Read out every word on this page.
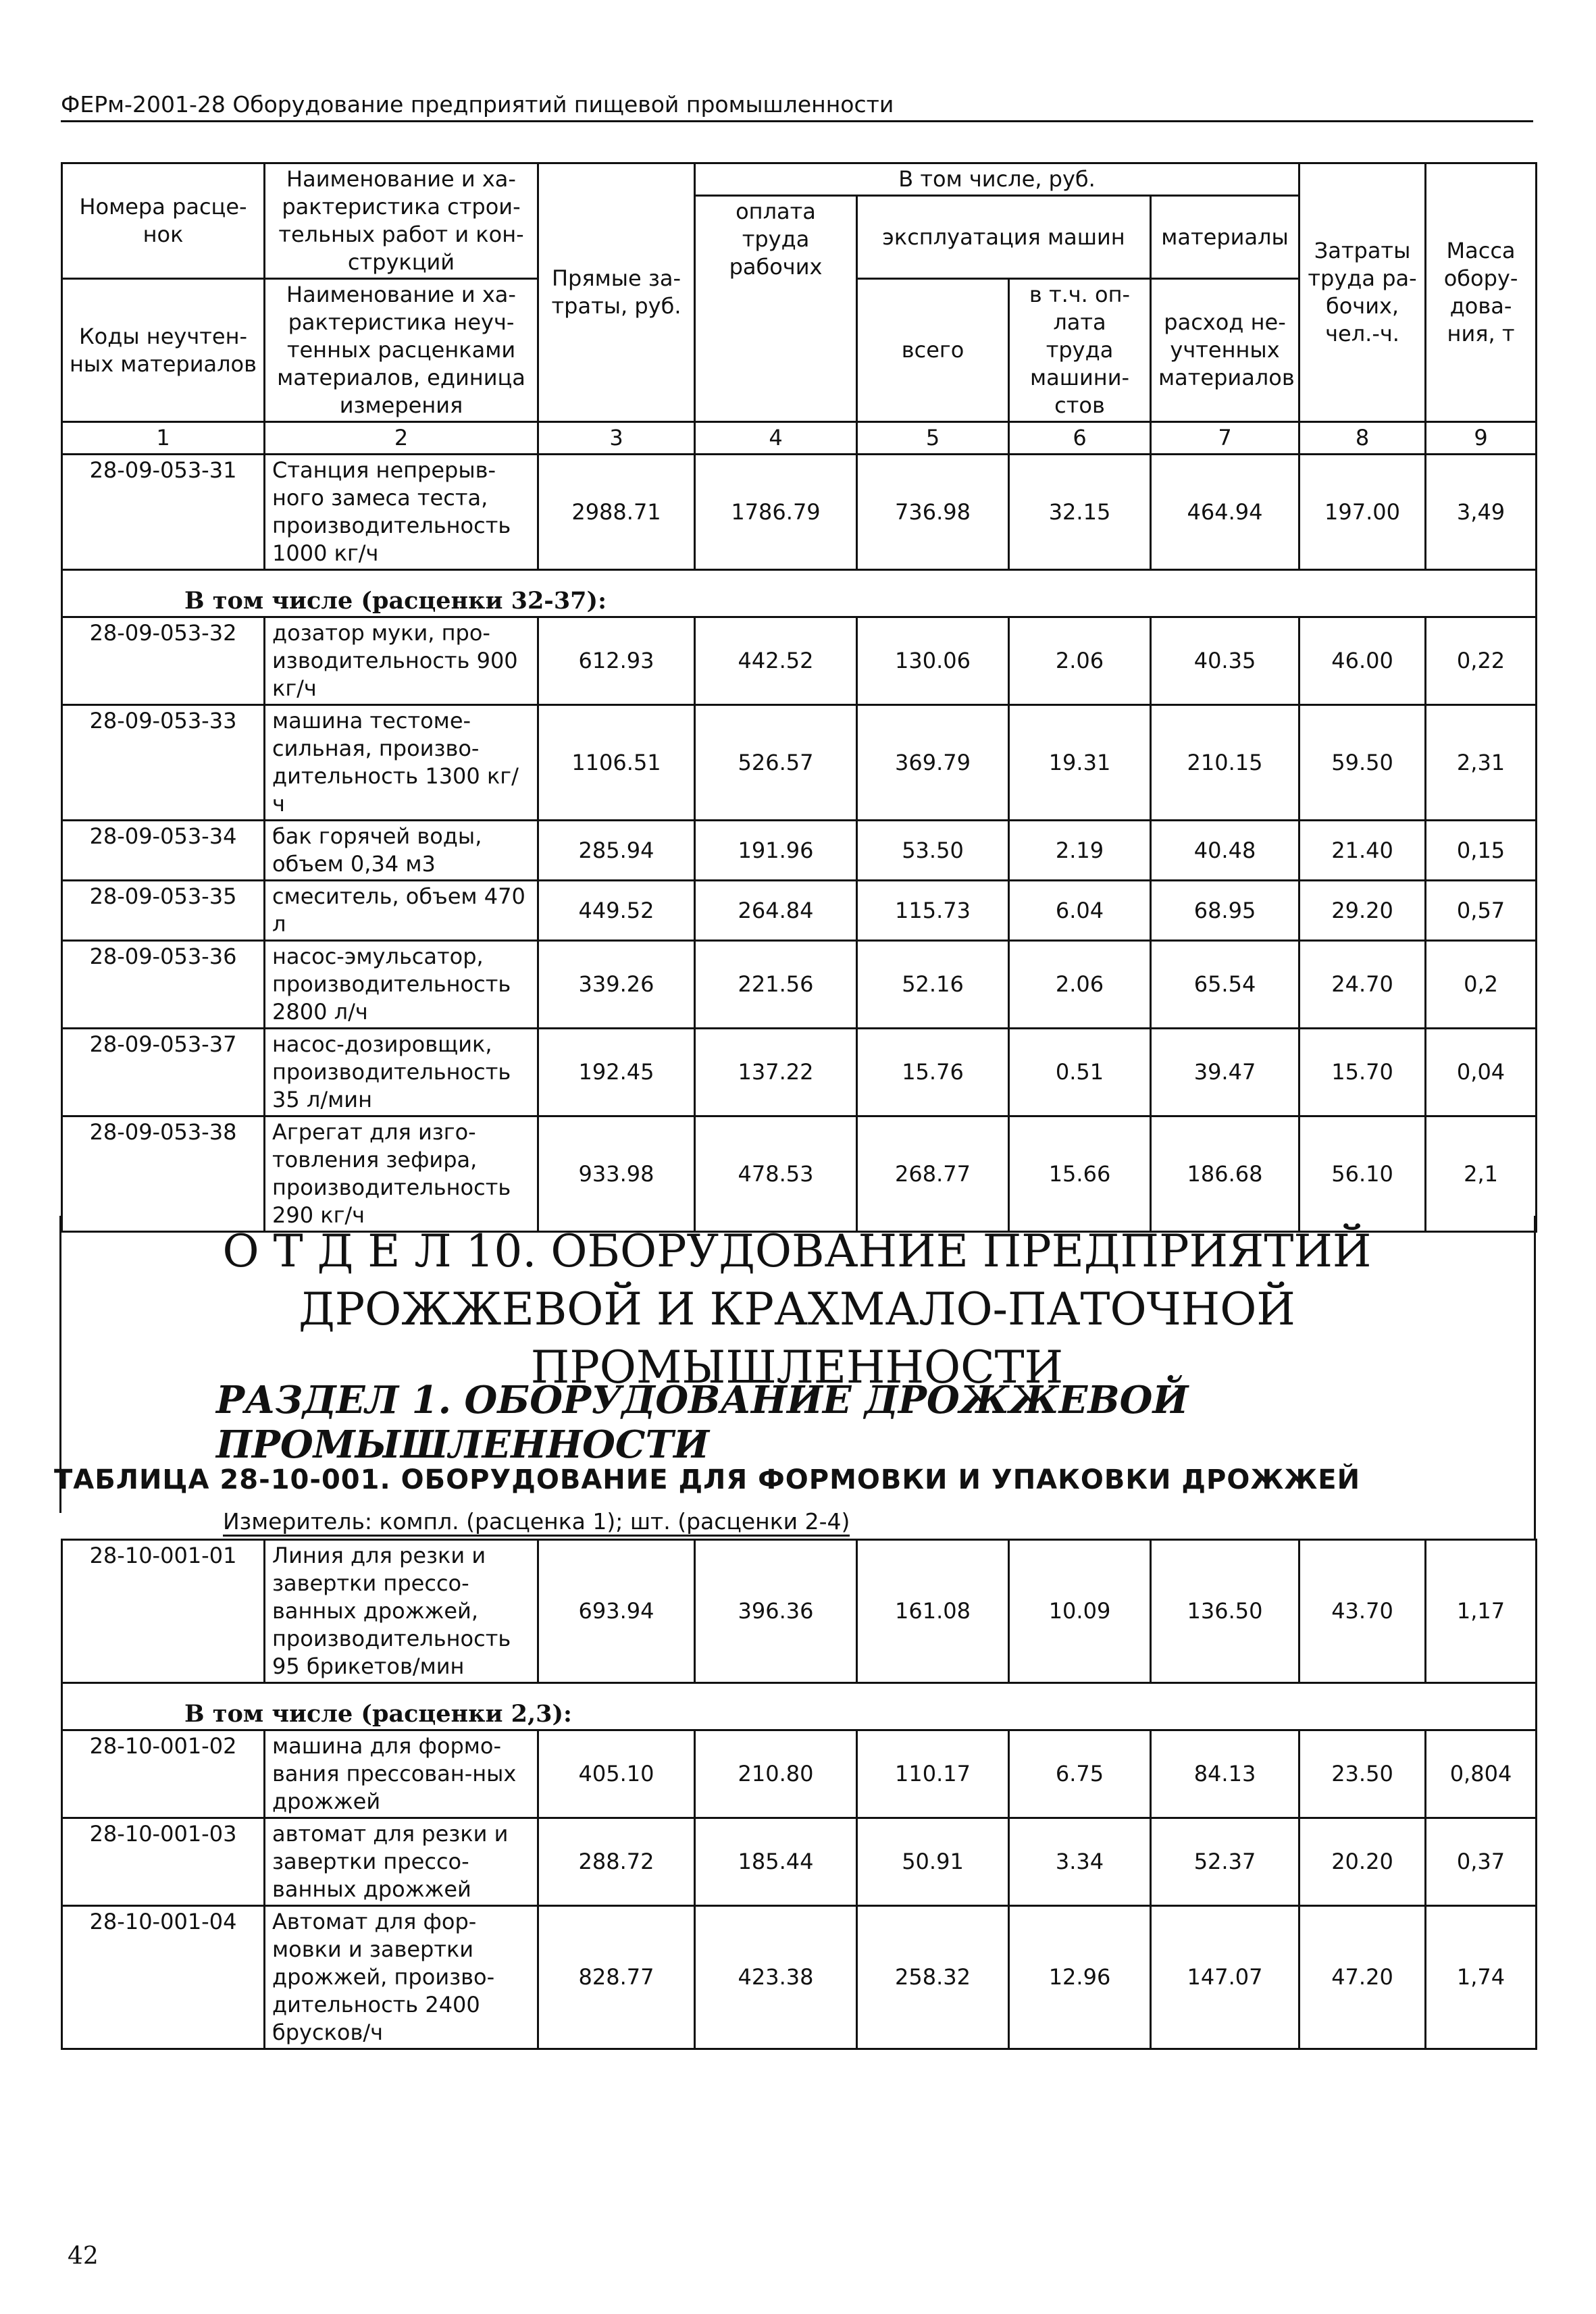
ФЕРм-2001-28 Оборудование предприятий пищевой промышленности
Номера расце-нок	Наименование и ха-рактеристика строи-тельных работ и кон-струкций	Прямые за-траты, руб.	В том числе, руб.				Затраты труда ра-бочих, чел.-ч.	Масса обору-дова-ния, т
			оплата труда рабочих	эксплуатация машин		материалы		
Коды неучтен-ных материалов	Наименование и ха-рактеристика неуч-тенных расценками материалов, единица измерения			всего	в т.ч. оп-лата труда машини-стов	расход не-учтенных материалов		

1	2	3	4	5	6	7	8	9
28-09-053-31	Станция непрерыв-ного замеса теста, производительность 1000 кг/ч	2988.71	1786.79	736.98	32.15	464.94	197.00	3,49
В том числе (расценки 32-37):								
28-09-053-32	дозатор муки, про-изводительность 900 кг/ч	612.93	442.52	130.06	2.06	40.35	46.00	0,22
28-09-053-33	машина тестоме-сильная, произво-дительность 1300 кг/ч	1106.51	526.57	369.79	19.31	210.15	59.50	2,31
28-09-053-34	бак горячей воды, объем 0,34 м3	285.94	191.96	53.50	2.19	40.48	21.40	0,15
28-09-053-35	смеситель, объем 470 л	449.52	264.84	115.73	6.04	68.95	29.20	0,57
28-09-053-36	насос-эмульсатор, производительность 2800 л/ч	339.26	221.56	52.16	2.06	65.54	24.70	0,2
28-09-053-37	насос-дозировщик, производительность 35 л/мин	192.45	137.22	15.76	0.51	39.47	15.70	0,04
28-09-053-38	Агрегат для изго-товления зефира, производительность 290 кг/ч	933.98	478.53	268.77	15.66	186.68	56.10	2,1
О Т Д Е Л 10. ОБОРУДОВАНИЕ ПРЕДПРИЯТИЙ ДРОЖЖЕВОЙ И КРАХМАЛО-ПАТОЧНОЙ ПРОМЫШЛЕННОСТИ
РАЗДЕЛ 1. ОБОРУДОВАНИЕ ДРОЖЖЕВОЙ ПРОМЫШЛЕННОСТИ
ТАБЛИЦА 28-10-001. ОБОРУДОВАНИЕ ДЛЯ ФОРМОВКИ И УПАКОВКИ ДРОЖЖЕЙ
Измеритель: компл. (расценка 1); шт. (расценки 2-4)
28-10-001-01	Линия для резки и завертки прессо-ванных дрожжей, производительность 95 брикетов/мин	693.94	396.36	161.08	10.09	136.50	43.70	1,17
В том числе (расценки 2,3):								
28-10-001-02	машина для формо-вания прессован-ных дрожжей	405.10	210.80	110.17	6.75	84.13	23.50	0,804
28-10-001-03	автомат для резки и завертки прессо-ванных дрожжей	288.72	185.44	50.91	3.34	52.37	20.20	0,37
28-10-001-04	Автомат для фор-мовки и завертки дрожжей, произво-дительность 2400 брусков/ч	828.77	423.38	258.32	12.96	147.07	47.20	1,74
42
